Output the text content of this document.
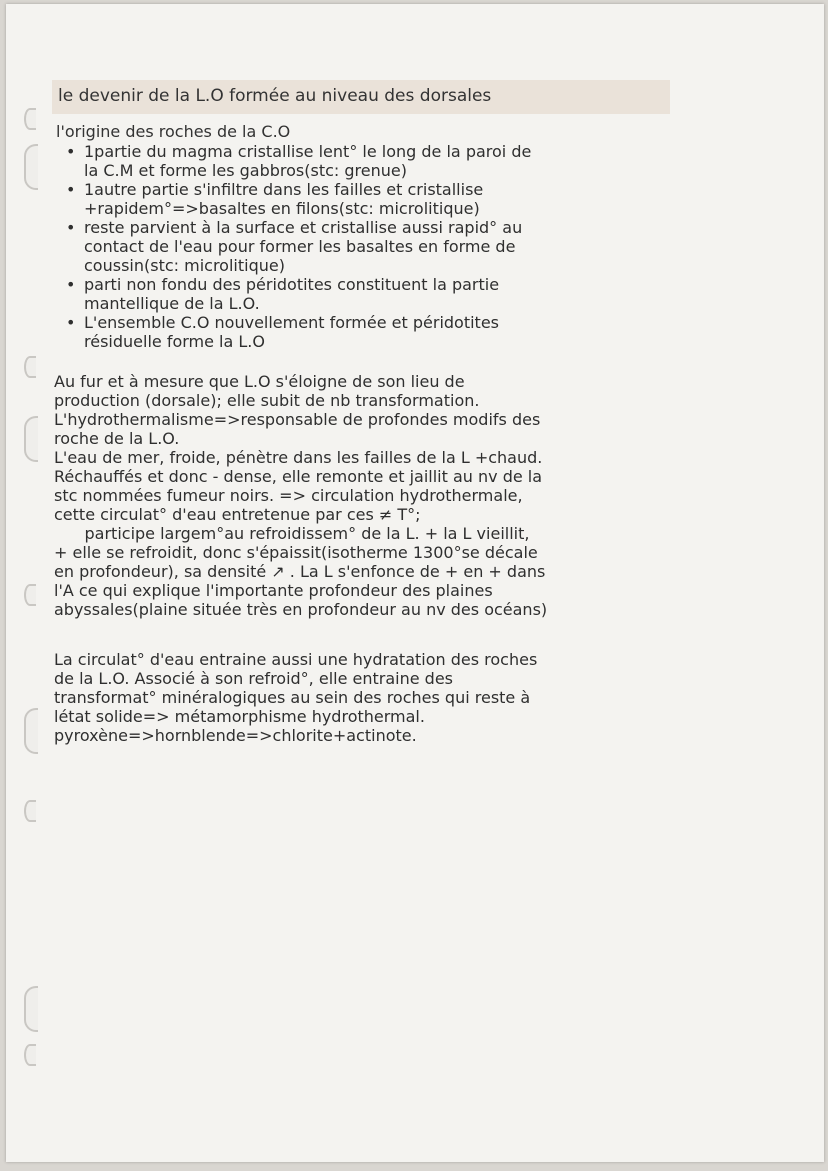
le devenir de la L.O formée au niveau des dorsales
l'origine des roches de la C.O
• 1partie du magma cristallise lent° le long de la paroi de
la C.M et forme les gabbros(stc: grenue)
• 1autre partie s'infiltre dans les failles et cristallise
+rapidem°=>basaltes en filons(stc: microlitique)
• reste parvient à la surface et cristallise aussi rapid° au
contact de l'eau pour former les basaltes en forme de
coussin(stc: microlitique)
• parti non fondu des péridotites constituent la partie
mantellique de la L.O.
• L'ensemble C.O nouvellement formée et péridotites
résiduelle forme la L.O
Au fur et à mesure que L.O s'éloigne de son lieu de
production (dorsale); elle subit de nb transformation.
L'hydrothermalisme=>responsable de profondes modifs des
roche de la L.O.
L'eau de mer, froide, pénètre dans les failles de la L +chaud.
Réchauffés et donc - dense, elle remonte et jaillit au nv de la
stc nommées fumeur noirs. => circulation hydrothermale,
cette circulat° d'eau entretenue par ces ≠ T°;
participe largem°au refroidissem° de la L. + la L vieillit,
+ elle se refroidit, donc s'épaissit(isotherme 1300°se décale
en profondeur), sa densité ↗ . La L s'enfonce de + en + dans
l'A ce qui explique l'importante profondeur des plaines
abyssales(plaine située très en profondeur au nv des océans)
La circulat° d'eau entraine aussi une hydratation des roches
de la L.O. Associé à son refroid°, elle entraine des
transformat° minéralogiques au sein des roches qui reste à
létat solide=> métamorphisme hydrothermal.
pyroxène=>hornblende=>chlorite+actinote.
